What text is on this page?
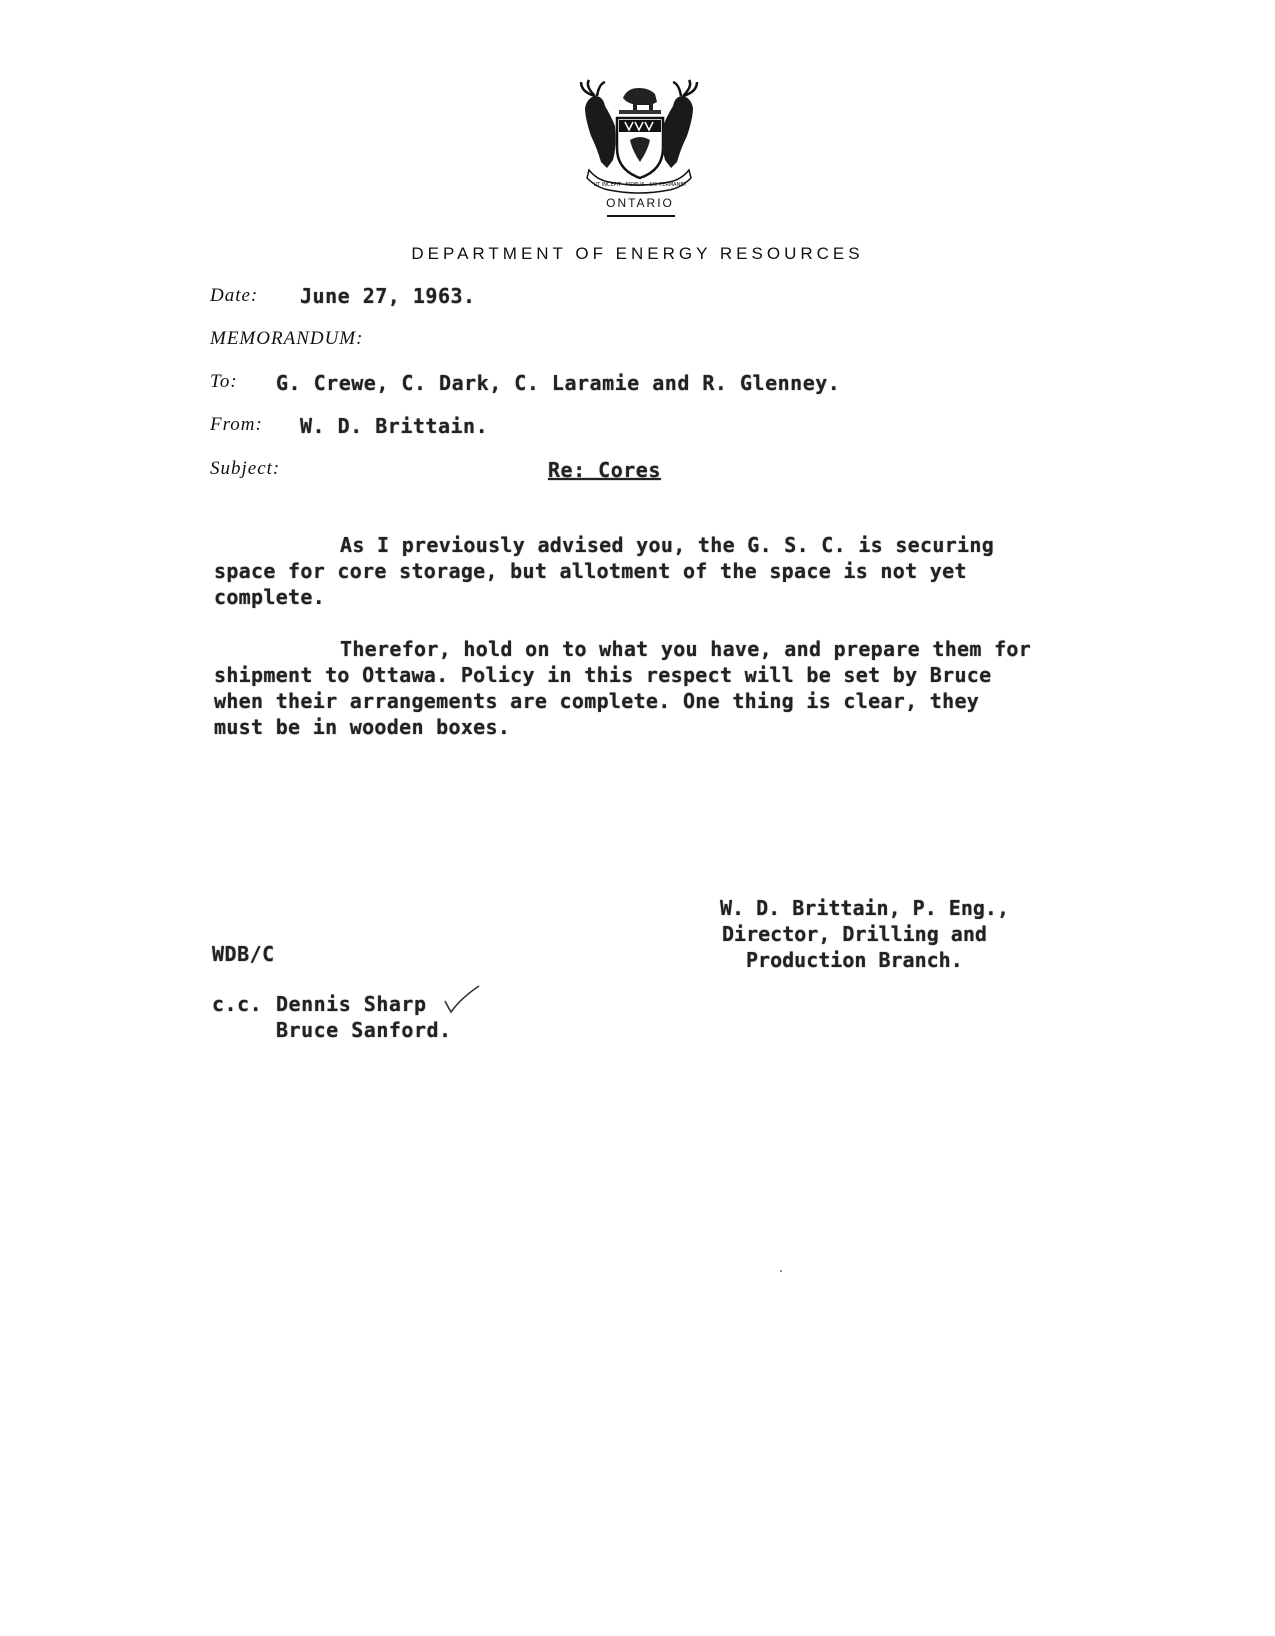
UT INCEPIT · FIDELIS · SIC PERMANET
ONTARIO
DEPARTMENT OF ENERGY RESOURCES
Date: June 27, 1963.
MEMORANDUM:
To: G. Crewe, C. Dark, C. Laramie and R. Glenney.
From: W. D. Brittain.
Subject:	Re: Cores
As I previously advised you, the G. S. C. is securing space for core storage, but allotment of the space is not yet complete.
Therefor, hold on to what you have, and prepare them for shipment to Ottawa. Policy in this respect will be set by Bruce when their arrangements are complete. One thing is clear, they must be in wooden boxes.
W. D. Brittain, P. Eng.,
Director, Drilling and
Production Branch.
WDB/C
c.c. Dennis Sharp
Bruce Sanford.
